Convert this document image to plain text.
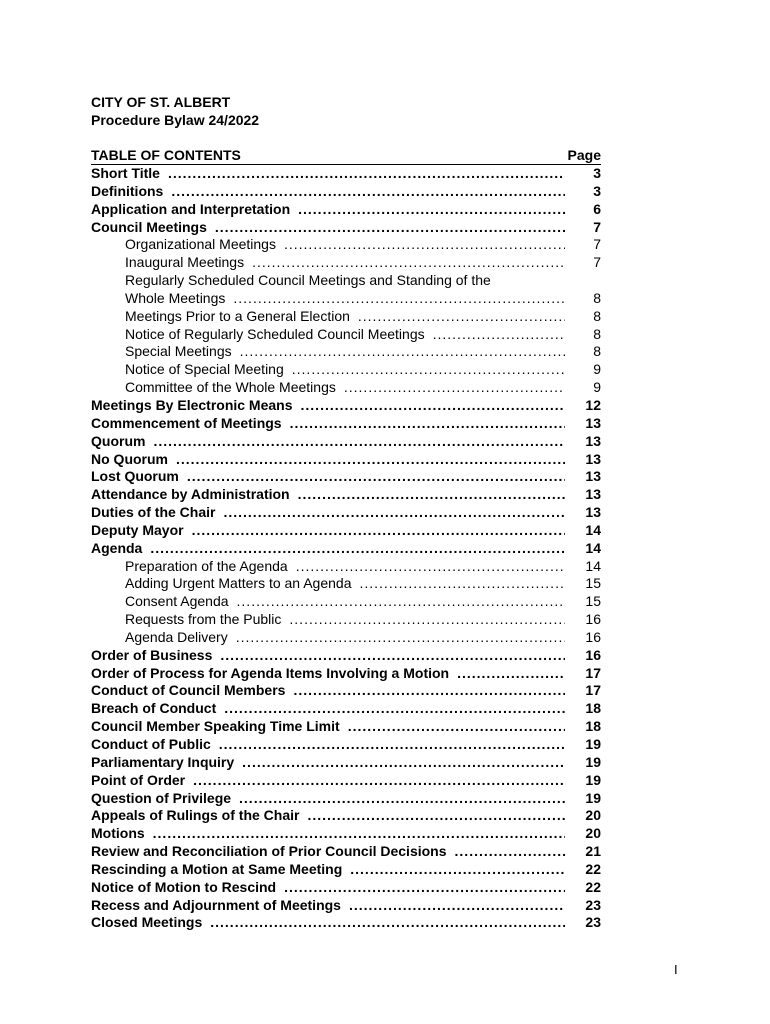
CITY OF ST. ALBERT
Procedure Bylaw 24/2022
TABLE OF CONTENTS	Page
Short Title .....	3
Definitions .....	3
Application and Interpretation .....	6
Council Meetings .....	7
Organizational Meetings .....	7
Inaugural Meetings .....	7
Regularly Scheduled Council Meetings and Standing of the
Whole Meetings .....	8
Meetings Prior to a General Election .....	8
Notice of Regularly Scheduled Council Meetings .....	8
Special Meetings .....	8
Notice of Special Meeting .....	9
Committee of the Whole Meetings .....	9
Meetings By Electronic Means .....	12
Commencement of Meetings .....	13
Quorum .....	13
No Quorum .....	13
Lost Quorum .....	13
Attendance by Administration .....	13
Duties of the Chair .....	13
Deputy Mayor .....	14
Agenda .....	14
Preparation of the Agenda .....	14
Adding Urgent Matters to an Agenda .....	15
Consent Agenda .....	15
Requests from the Public .....	16
Agenda Delivery .....	16
Order of Business .....	16
Order of Process for Agenda Items Involving a Motion .....	17
Conduct of Council Members .....	17
Breach of Conduct .....	18
Council Member Speaking Time Limit .....	18
Conduct of Public .....	19
Parliamentary Inquiry .....	19
Point of Order .....	19
Question of Privilege .....	19
Appeals of Rulings of the Chair .....	20
Motions .....	20
Review and Reconciliation of Prior Council Decisions .....	21
Rescinding a Motion at Same Meeting .....	22
Notice of Motion to Rescind .....	22
Recess and Adjournment of Meetings .....	23
Closed Meetings .....	23
I
